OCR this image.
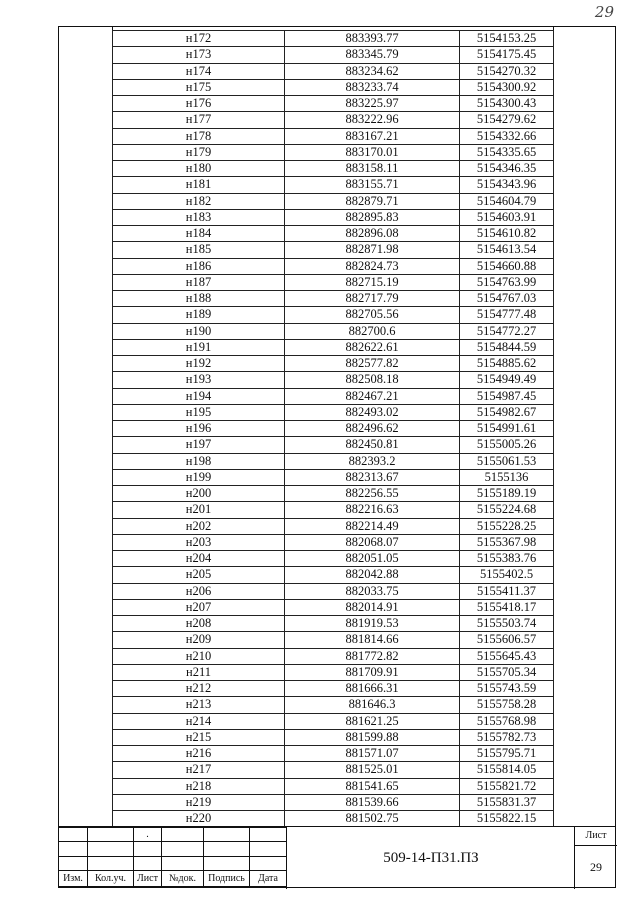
29
н172	883393.77	5154153.25
н173	883345.79	5154175.45
н174	883234.62	5154270.32
н175	883233.74	5154300.92
н176	883225.97	5154300.43
н177	883222.96	5154279.62
н178	883167.21	5154332.66
н179	883170.01	5154335.65
н180	883158.11	5154346.35
н181	883155.71	5154343.96
н182	882879.71	5154604.79
н183	882895.83	5154603.91
н184	882896.08	5154610.82
н185	882871.98	5154613.54
н186	882824.73	5154660.88
н187	882715.19	5154763.99
н188	882717.79	5154767.03
н189	882705.56	5154777.48
н190	882700.6	5154772.27
н191	882622.61	5154844.59
н192	882577.82	5154885.62
н193	882508.18	5154949.49
н194	882467.21	5154987.45
н195	882493.02	5154982.67
н196	882496.62	5154991.61
н197	882450.81	5155005.26
н198	882393.2	5155061.53
н199	882313.67	5155136
н200	882256.55	5155189.19
н201	882216.63	5155224.68
н202	882214.49	5155228.25
н203	882068.07	5155367.98
н204	882051.05	5155383.76
н205	882042.88	5155402.5
н206	882033.75	5155411.37
н207	882014.91	5155418.17
н208	881919.53	5155503.74
н209	881814.66	5155606.57
н210	881772.82	5155645.43
н211	881709.91	5155705.34
н212	881666.31	5155743.59
н213	881646.3	5155758.28
н214	881621.25	5155768.98
н215	881599.88	5155782.73
н216	881571.07	5155795.71
н217	881525.01	5155814.05
н218	881541.65	5155821.72
н219	881539.66	5155831.37
н220	881502.75	5155822.15
		.			

Изм.	Кол.уч.	Лист	№док.	Подпись	Дата
509-14-П31.ПЗ
Лист
29
